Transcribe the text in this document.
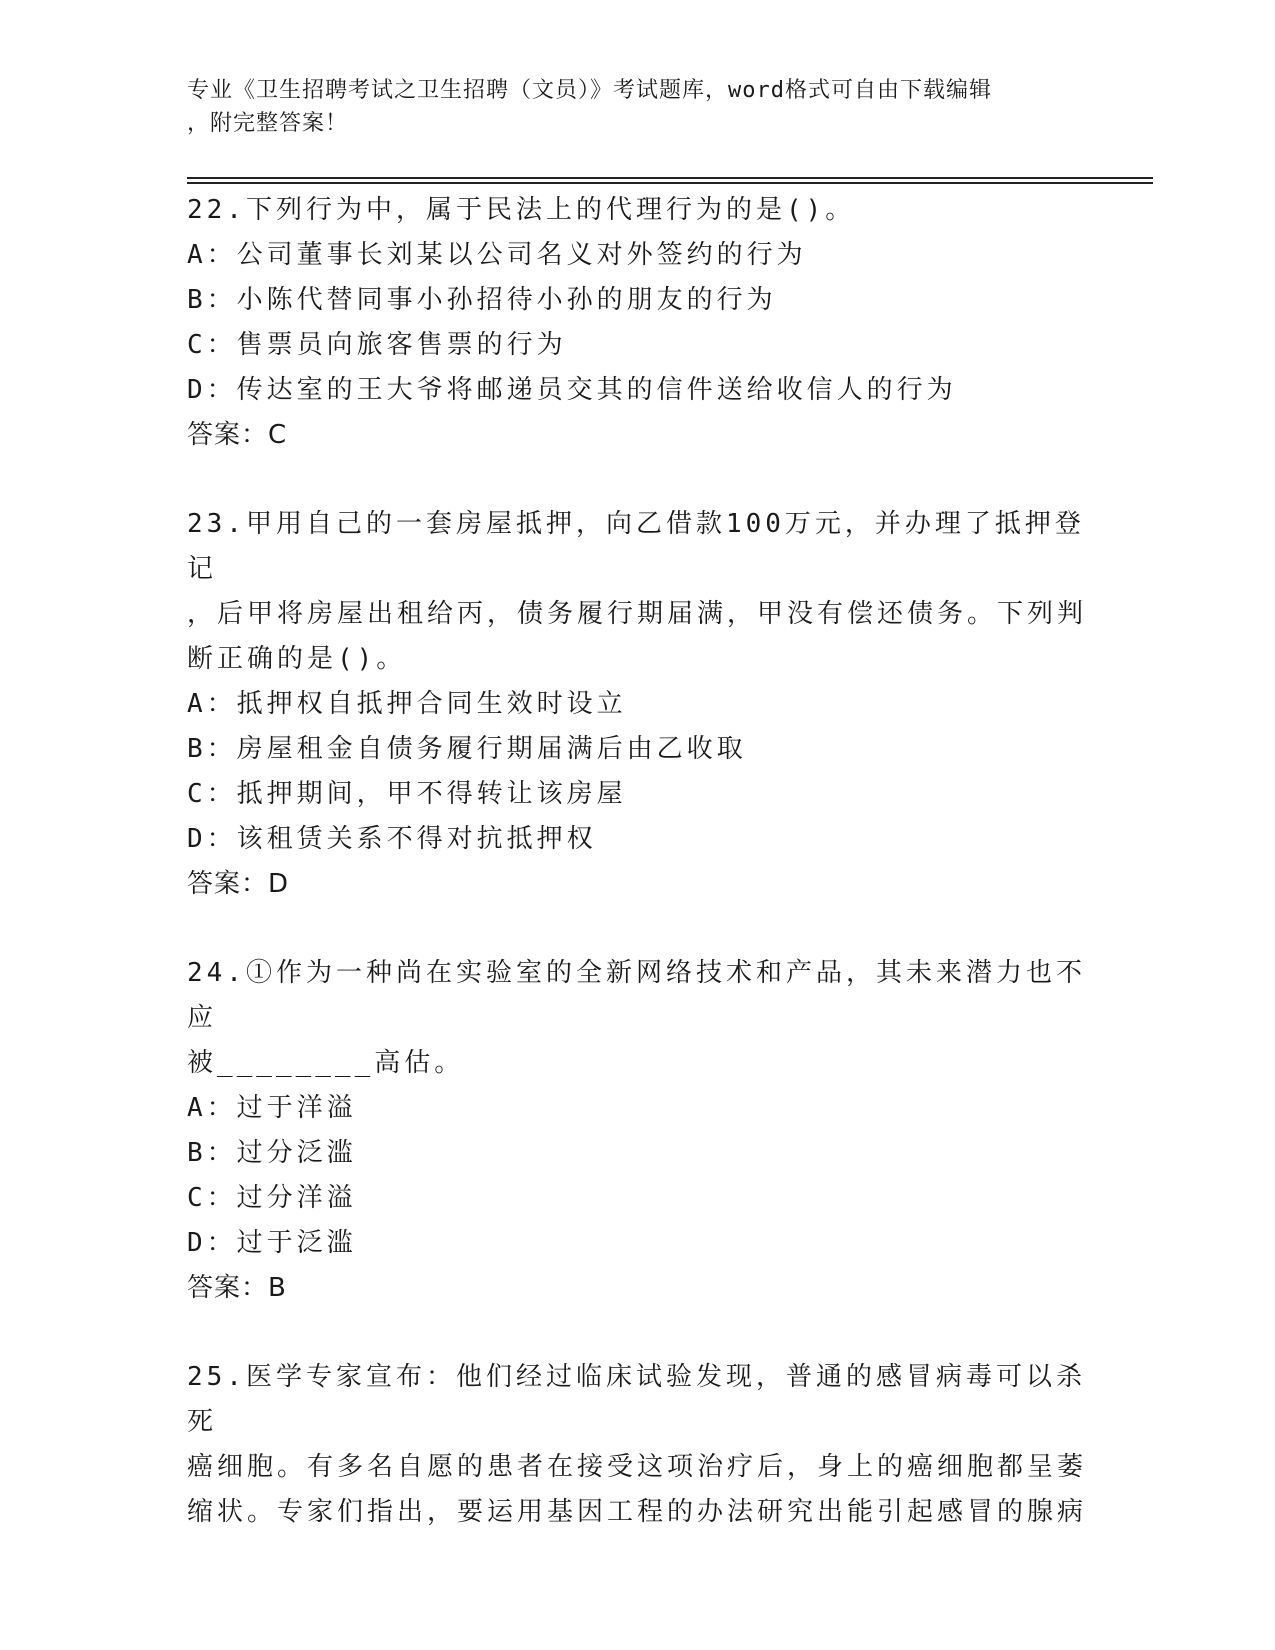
专业《卫生招聘考试之卫生招聘（文员）》考试题库，word格式可自由下载编辑
，附完整答案！

22.下列行为中，属于民法上的代理行为的是()。

A：公司董事长刘某以公司名义对外签约的行为

B：小陈代替同事小孙招待小孙的朋友的行为

C：售票员向旅客售票的行为

D：传达室的王大爷将邮递员交其的信件送给收信人的行为

答案：C

23.甲用自己的一套房屋抵押，向乙借款100万元，并办理了抵押登记

，后甲将房屋出租给丙，债务履行期届满，甲没有偿还债务。下列判

断正确的是()。

A：抵押权自抵押合同生效时设立

B：房屋租金自债务履行期届满后由乙收取

C：抵押期间，甲不得转让该房屋

D：该租赁关系不得对抗抵押权

答案：D

24.①作为一种尚在实验室的全新网络技术和产品，其未来潜力也不应

被________高估。

A：过于洋溢

B：过分泛滥

C：过分洋溢

D：过于泛滥

答案：B

25.医学专家宣布：他们经过临床试验发现，普通的感冒病毒可以杀死

癌细胞。有多名自愿的患者在接受这项治疗后，身上的癌细胞都呈萎

缩状。专家们指出，要运用基因工程的办法研究出能引起感冒的腺病
